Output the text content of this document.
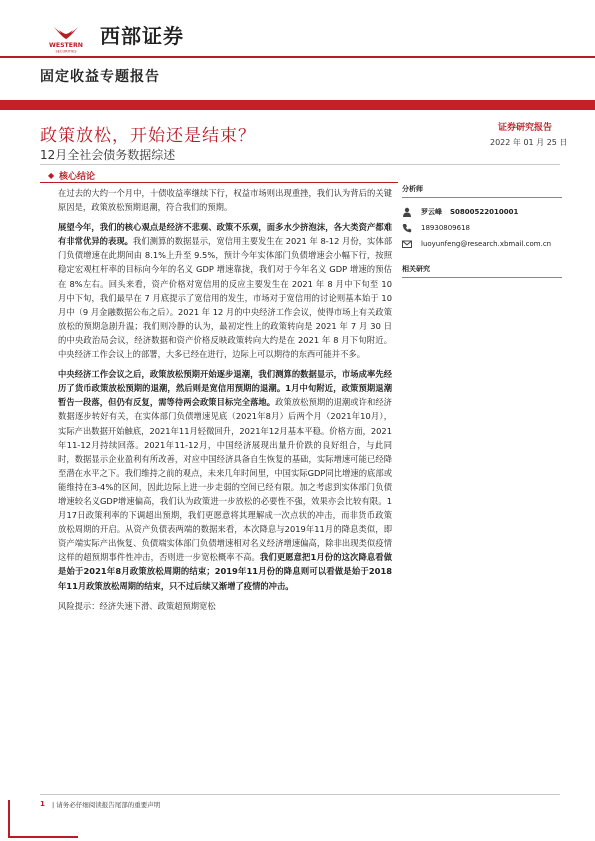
WESTERN
SECURITIES
西部证券
固定收益专题报告
政策放松，开始还是结束？
12月全社会债务数据综述
证券研究报告
2022 年 01 月 25 日
◆ 核心结论

在过去的大约一个月中，十债收益率继续下行，权益市场则出现重挫，我们认为背后的关键原因是，政策放松预期退潮，符合我们的预期。

展望今年，我们的核心观点是经济不悲观、政策不乐观，面多水少挤泡沫，各大类资产都难有非常优异的表现。我们测算的数据显示，宽信用主要发生在 2021 年 8-12 月份，实体部门负债增速在此期间由 8.1%上升至 9.5%，预计今年实体部门负债增速会小幅下行，按照稳定宏观杠杆率的目标向今年的名义 GDP 增速靠拢，我们对于今年名义 GDP 增速的预估在 8%左右。回头来看，资产价格对宽信用的反应主要发生在 2021 年 8 月中下旬至 10 月中下旬，我们最早在 7 月底提示了宽信用的发生，市场对于宽信用的讨论则基本始于 10 月中（9 月金融数据公布之后）。2021 年 12 月的中央经济工作会议，使得市场上有关政策放松的预期急剧升温；我们则冷静的认为，最初定性上的政策转向是 2021 年 7 月 30 日的中央政治局会议，经济数据和资产价格反映政策转向大约是在 2021 年 8 月下旬附近。中央经济工作会议上的部署，大多已经在进行，边际上可以期待的东西可能并不多。

中央经济工作会议之后，政策放松预期开始逐步退潮，我们测算的数据显示，市场成率先经历了货币政策放松预期的退潮，然后则是宽信用预期的退潮。1月中旬附近，政策预期退潮暂告一段落，但仍有反复，需等待两会政策目标完全落地。政策放松预期的退潮或许和经济数据逐步转好有关，在实体部门负债增速见底（2021年8月）后两个月（2021年10月），实际产出数据开始触底，2021年11月轻微回升，2021年12月基本平稳。价格方面，2021年11-12月持续回落。2021年11-12月，中国经济展现出量升价跌的良好组合，与此同时，数据显示企业盈利有所改善，对应中国经济具备自生恢复的基础，实际增速可能已经降至潜在水平之下。我们维持之前的观点，未来几年时间里，中国实际GDP同比增速的底部或能维持在3-4%的区间，因此边际上进一步走弱的空间已经有限。加之考虑到实体部门负债增速较名义GDP增速偏高，我们认为政策进一步放松的必要性不强，效果亦会比较有限。1月17日政策利率的下调超出预期，我们更愿意将其理解成一次点状的冲击，而非货币政策放松周期的开启。从资产负债表两端的数据来看，本次降息与2019年11月的降息类似，即资产端实际产出恢复、负债端实体部门负债增速相对名义经济增速偏高，除非出现类似疫情这样的超预期事件性冲击，否则进一步宽松概率不高。我们更愿意把1月份的这次降息看做是始于2021年8月政策放松周期的结束；2019年11月份的降息则可以看做是始于2018年11月政策放松周期的结束，只不过后续又渐增了疫情的冲击。

风险提示：经济失速下滑、政策超预期宽松

分析师
罗云峰 S0800522010001
18930809618
luoyunfeng@research.xbmail.com.cn
相关研究
1 | 请务必仔细阅读报告尾部的重要声明
